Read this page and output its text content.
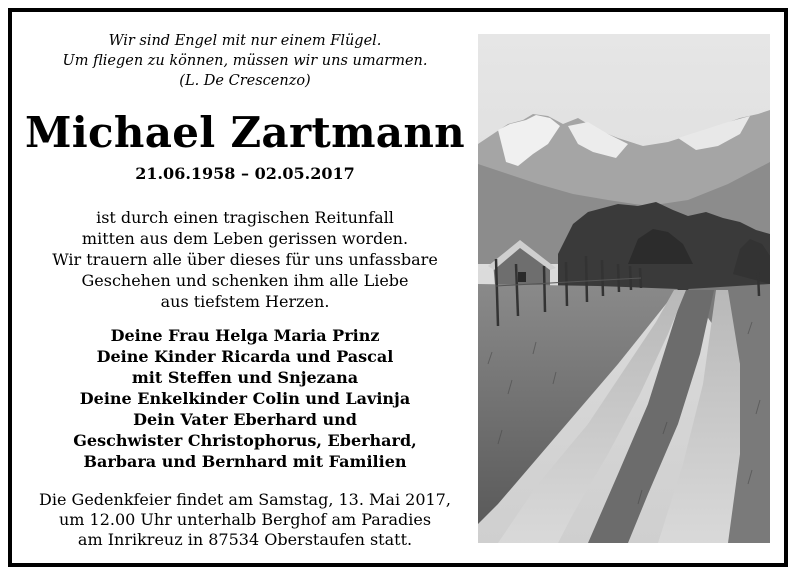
Wir sind Engel mit nur einem Flügel.
Um fliegen zu können, müssen wir uns umarmen.
(L. De Crescenzo)
Michael Zartmann
21.06.1958 – 02.05.2017
ist durch einen tragischen Reitunfall
mitten aus dem Leben gerissen worden.
Wir trauern alle über dieses für uns unfassbare
Geschehen und schenken ihm alle Liebe
aus tiefstem Herzen.
Deine Frau Helga Maria Prinz
Deine Kinder Ricarda und Pascal
mit Steffen und Snjezana
Deine Enkelkinder Colin und Lavinja
Dein Vater Eberhard und
Geschwister Christophorus, Eberhard,
Barbara und Bernhard mit Familien
Die Gedenkfeier findet am Samstag, 13. Mai 2017,
um 12.00 Uhr unterhalb Berghof am Paradies
am Inrikreuz in 87534 Oberstaufen statt.
